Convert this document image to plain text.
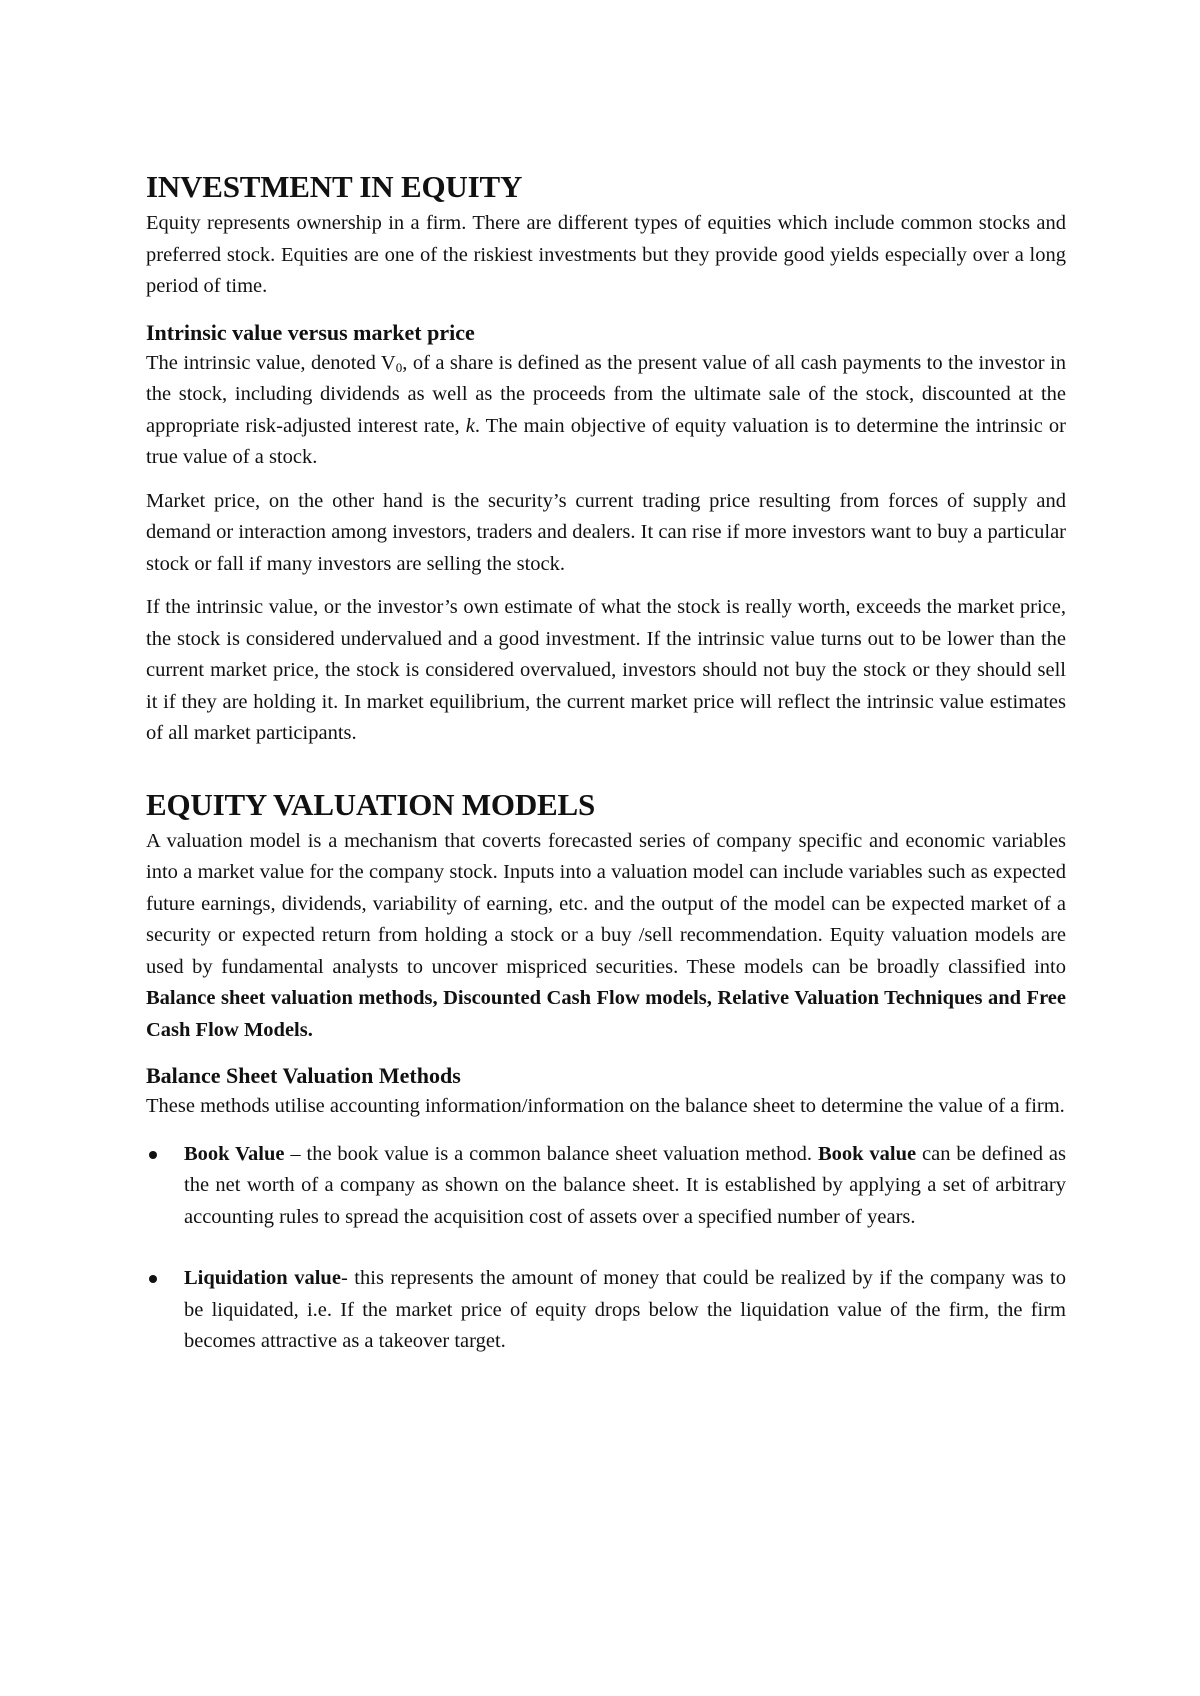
INVESTMENT IN EQUITY

Equity represents ownership in a firm. There are different types of equities which include common stocks and preferred stock. Equities are one of the riskiest investments but they provide good yields especially over a long period of time.

Intrinsic value versus market price

The intrinsic value, denoted $V_0$, of a share is defined as the present value of all cash payments to the investor in the stock, including dividends as well as the proceeds from the ultimate sale of the stock, discounted at the appropriate risk-adjusted interest rate, k. The main objective of equity valuation is to determine the intrinsic or true value of a stock.

Market price, on the other hand is the security’s current trading price resulting from forces of supply and demand or interaction among investors, traders and dealers. It can rise if more investors want to buy a particular stock or fall if many investors are selling the stock.

If the intrinsic value, or the investor’s own estimate of what the stock is really worth, exceeds the market price, the stock is considered undervalued and a good investment. If the intrinsic value turns out to be lower than the current market price, the stock is considered overvalued, investors should not buy the stock or they should sell it if they are holding it. In market equilibrium, the current market price will reflect the intrinsic value estimates of all market participants.

EQUITY VALUATION MODELS

A valuation model is a mechanism that coverts forecasted series of company specific and economic variables into a market value for the company stock. Inputs into a valuation model can include variables such as expected future earnings, dividends, variability of earning, etc. and the output of the model can be expected market of a security or expected return from holding a stock or a buy /sell recommendation. Equity valuation models are used by fundamental analysts to uncover mispriced securities. These models can be broadly classified into Balance sheet valuation methods, Discounted Cash Flow models, Relative Valuation Techniques and Free Cash Flow Models.

Balance Sheet Valuation Methods

These methods utilise accounting information/information on the balance sheet to determine the value of a firm.

Book Value – the book value is a common balance sheet valuation method. Book value can be defined as the net worth of a company as shown on the balance sheet. It is established by applying a set of arbitrary accounting rules to spread the acquisition cost of assets over a specified number of years.
Liquidation value- this represents the amount of money that could be realized by if the company was to be liquidated, i.e. If the market price of equity drops below the liquidation value of the firm, the firm becomes attractive as a takeover target.
